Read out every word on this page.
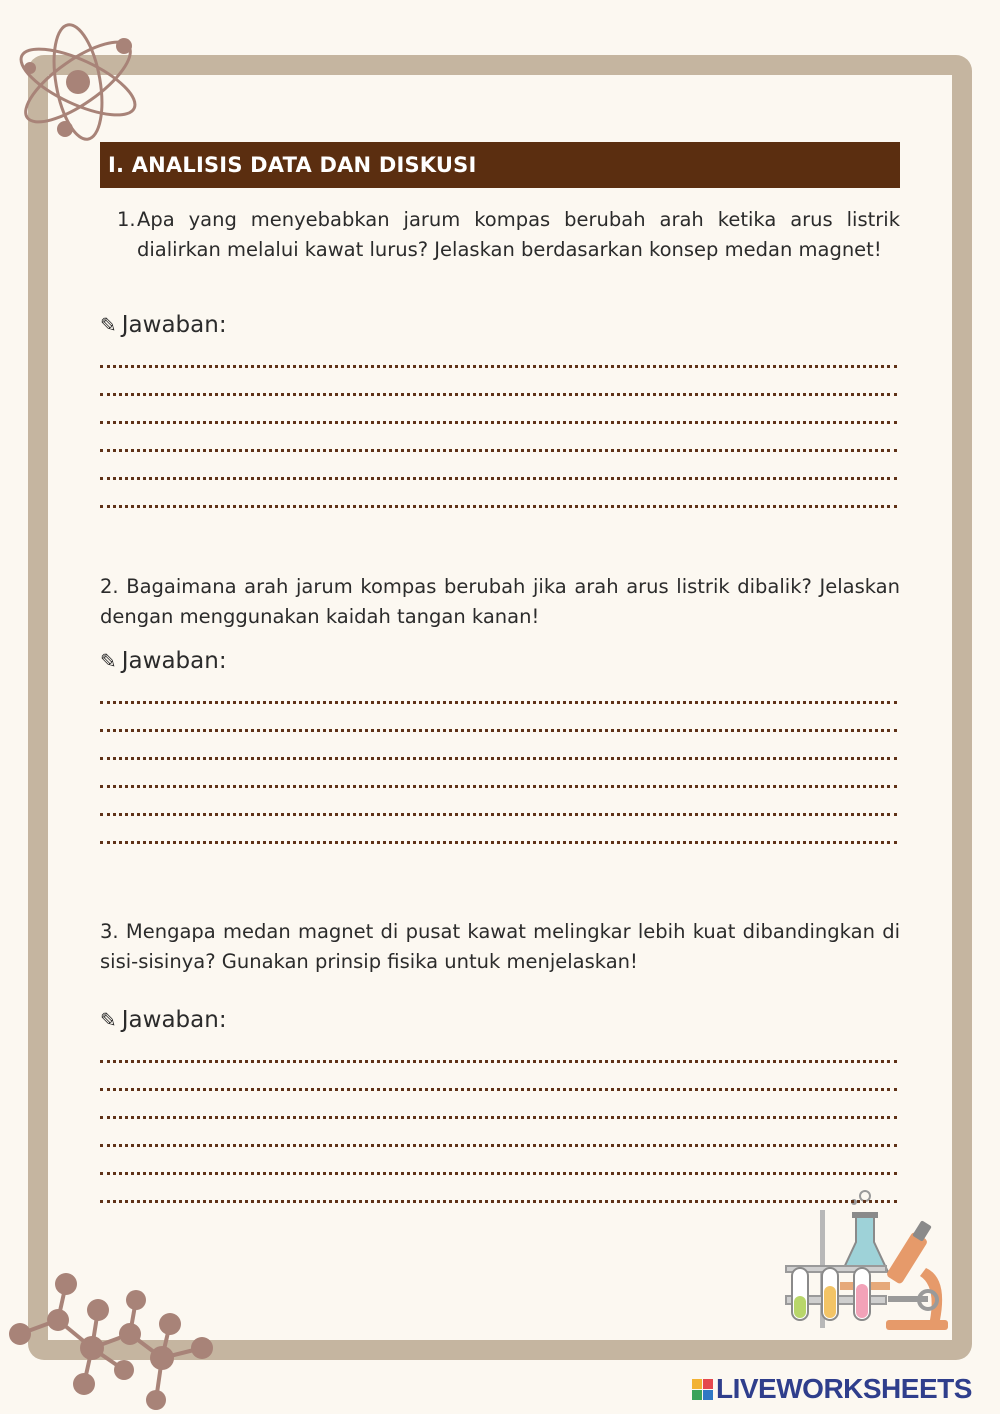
I. ANALISIS DATA DAN DISKUSI

1. Apa yang menyebabkan jarum kompas berubah arah ketika arus listrik dialirkan melalui kawat lurus? Jelaskan berdasarkan konsep medan magnet!

✎ Jawaban:

2. Bagaimana arah jarum kompas berubah jika arah arus listrik dibalik? Jelaskan dengan menggunakan kaidah tangan kanan!

✎ Jawaban:

3. Mengapa medan magnet di pusat kawat melingkar lebih kuat dibandingkan di sisi-sisinya? Gunakan prinsip fisika untuk menjelaskan!

✎ Jawaban:
LIVEWORKSHEETS
